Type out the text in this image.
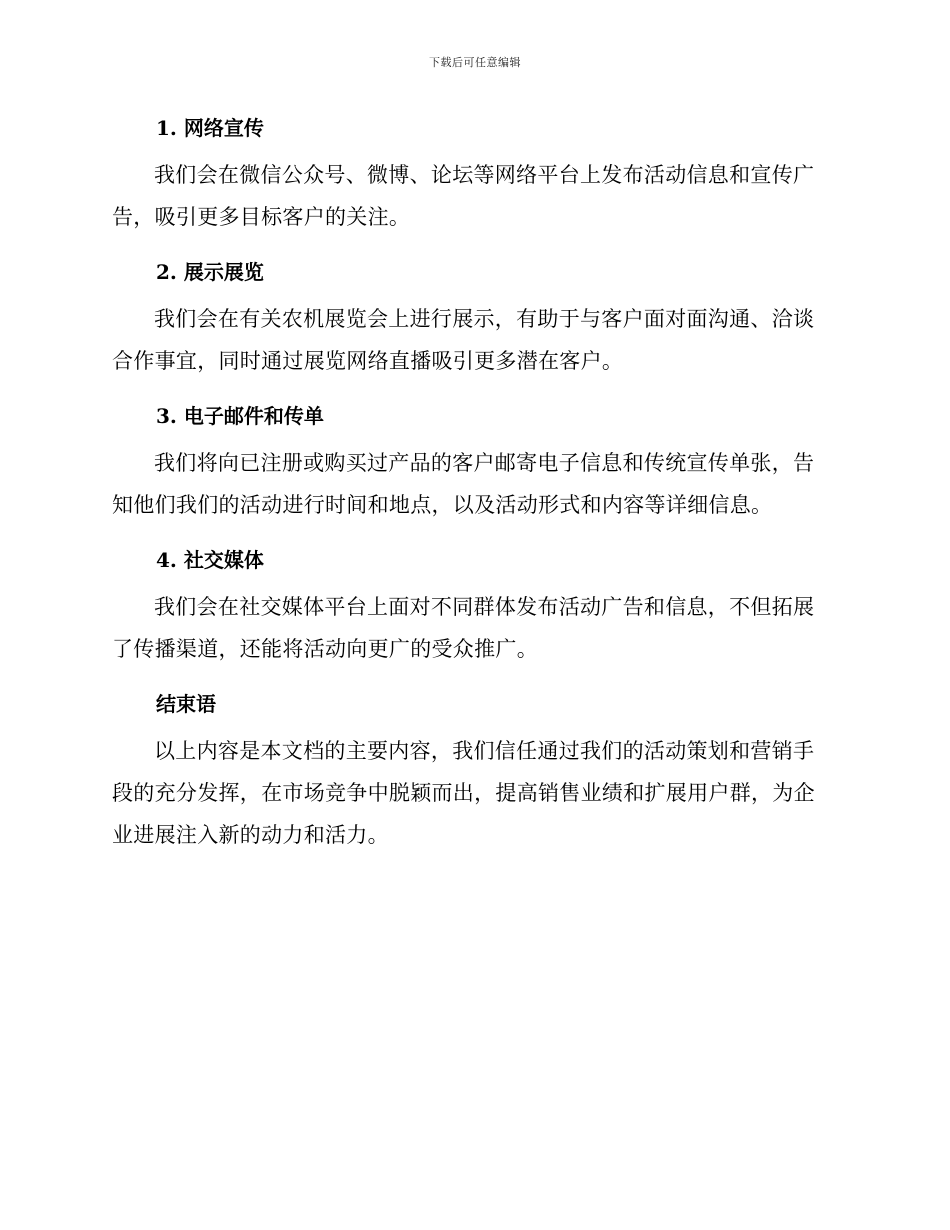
下载后可任意编辑
1. 网络宣传

我们会在微信公众号、微博、论坛等网络平台上发布活动信息和宣传广告，吸引更多目标客户的关注。

2. 展示展览

我们会在有关农机展览会上进行展示，有助于与客户面对面沟通、洽谈合作事宜，同时通过展览网络直播吸引更多潜在客户。

3. 电子邮件和传单

我们将向已注册或购买过产品的客户邮寄电子信息和传统宣传单张，告知他们我们的活动进行时间和地点，以及活动形式和内容等详细信息。

4. 社交媒体

我们会在社交媒体平台上面对不同群体发布活动广告和信息，不但拓展了传播渠道，还能将活动向更广的受众推广。

结束语

以上内容是本文档的主要内容，我们信任通过我们的活动策划和营销手段的充分发挥，在市场竞争中脱颖而出，提高销售业绩和扩展用户群，为企业进展注入新的动力和活力。
